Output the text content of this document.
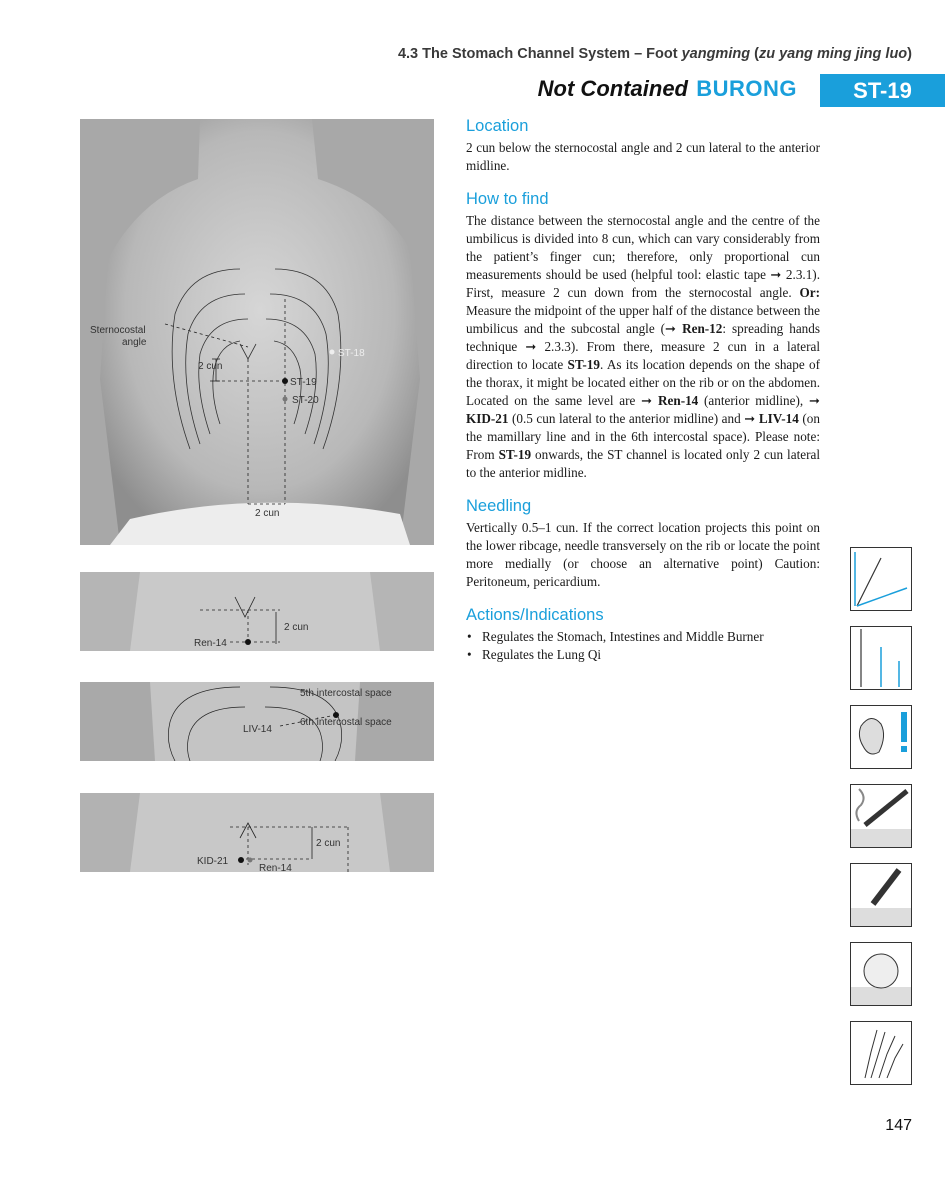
4.3 The Stomach Channel System – Foot yangming (zu yang ming jing luo)
Not Contained BURONG	ST-19
Sternocostal
angle
2 cun
ST-19
ST-18
ST-20
2 cun
Ren-14
2 cun
5th intercostal space
6th intercostal space
LIV-14
KID-21
Ren-14
2 cun
Location

2 cun below the sternocostal angle and 2 cun lateral to the anterior midline.

How to find

The distance between the sternocostal angle and the centre of the umbilicus is divided into 8 cun, which can vary considerably from the patient’s finger cun; therefore, only proportional cun measurements should be used (helpful tool: elastic tape ➞ 2.3.1). First, measure 2 cun down from the sternocostal angle. Or: Measure the midpoint of the upper half of the distance between the umbilicus and the subcostal angle (➞ Ren-12: spreading hands technique ➞ 2.3.3). From there, measure 2 cun in a lateral direction to locate ST-19. As its location depends on the shape of the thorax, it might be located either on the rib or on the abdomen. Located on the same level are ➞ Ren-14 (anterior midline), ➞ KID-21 (0.5 cun lateral to the anterior midline) and ➞ LIV-14 (on the mamillary line and in the 6th intercostal space). Please note: From ST-19 onwards, the ST channel is located only 2 cun lateral to the anterior midline.

Needling

Vertically 0.5–1 cun. If the correct location projects this point on the lower ribcage, needle transversely on the rib or locate the point more medially (or choose an alternative point) Caution: Peritoneum, pericardium.

Actions/Indications
• Regulates the Stomach, Intestines and Middle Burner
• Regulates the Lung Qi
147
